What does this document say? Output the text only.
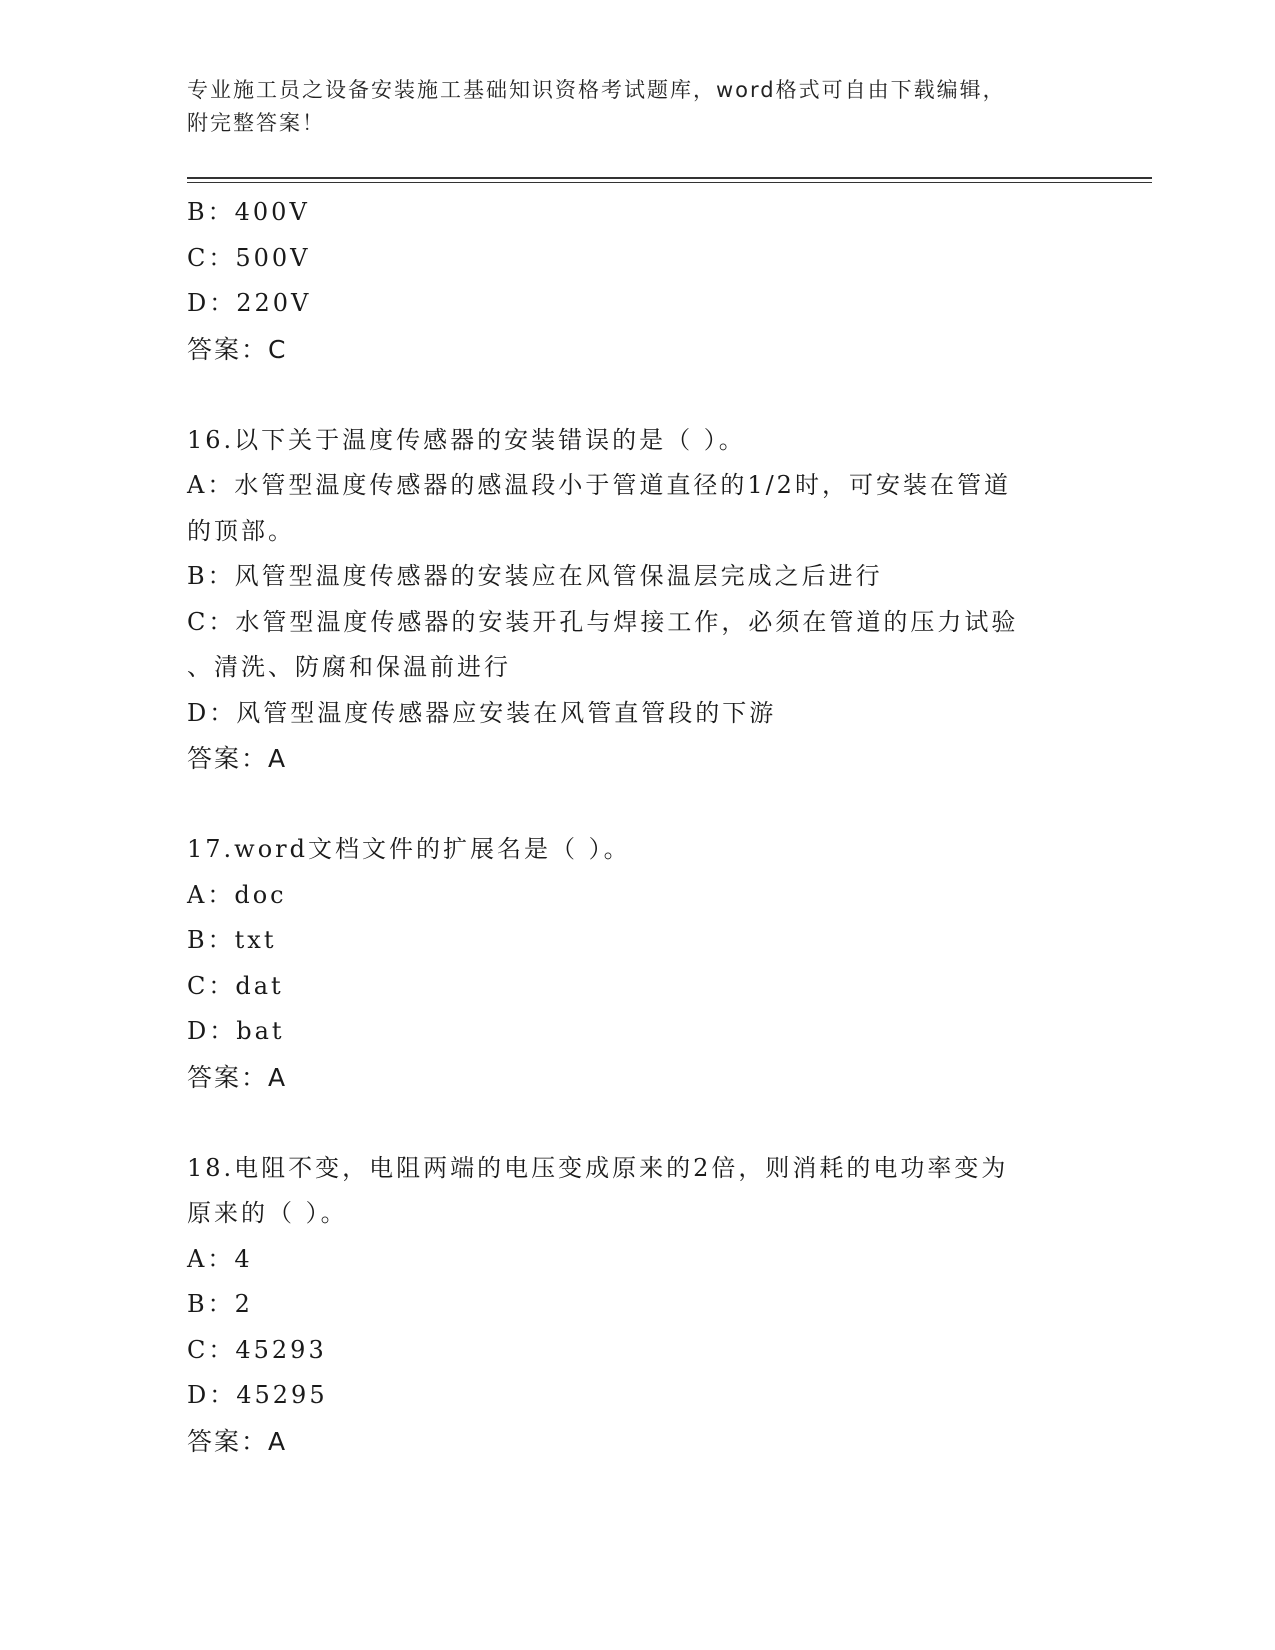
专业施工员之设备安装施工基础知识资格考试题库，word格式可自由下载编辑，
附完整答案！
B：400V
C：500V
D：220V
答案：C
16.以下关于温度传感器的安装错误的是（ ）。
A：水管型温度传感器的感温段小于管道直径的1/2时，可安装在管道
的顶部。
B：风管型温度传感器的安装应在风管保温层完成之后进行
C：水管型温度传感器的安装开孔与焊接工作，必须在管道的压力试验
、清洗、防腐和保温前进行
D：风管型温度传感器应安装在风管直管段的下游
答案：A
17.word文档文件的扩展名是（ ）。
A：doc
B：txt
C：dat
D：bat
答案：A
18.电阻不变，电阻两端的电压变成原来的2倍，则消耗的电功率变为
原来的（ ）。
A：4
B：2
C：45293
D：45295
答案：A
